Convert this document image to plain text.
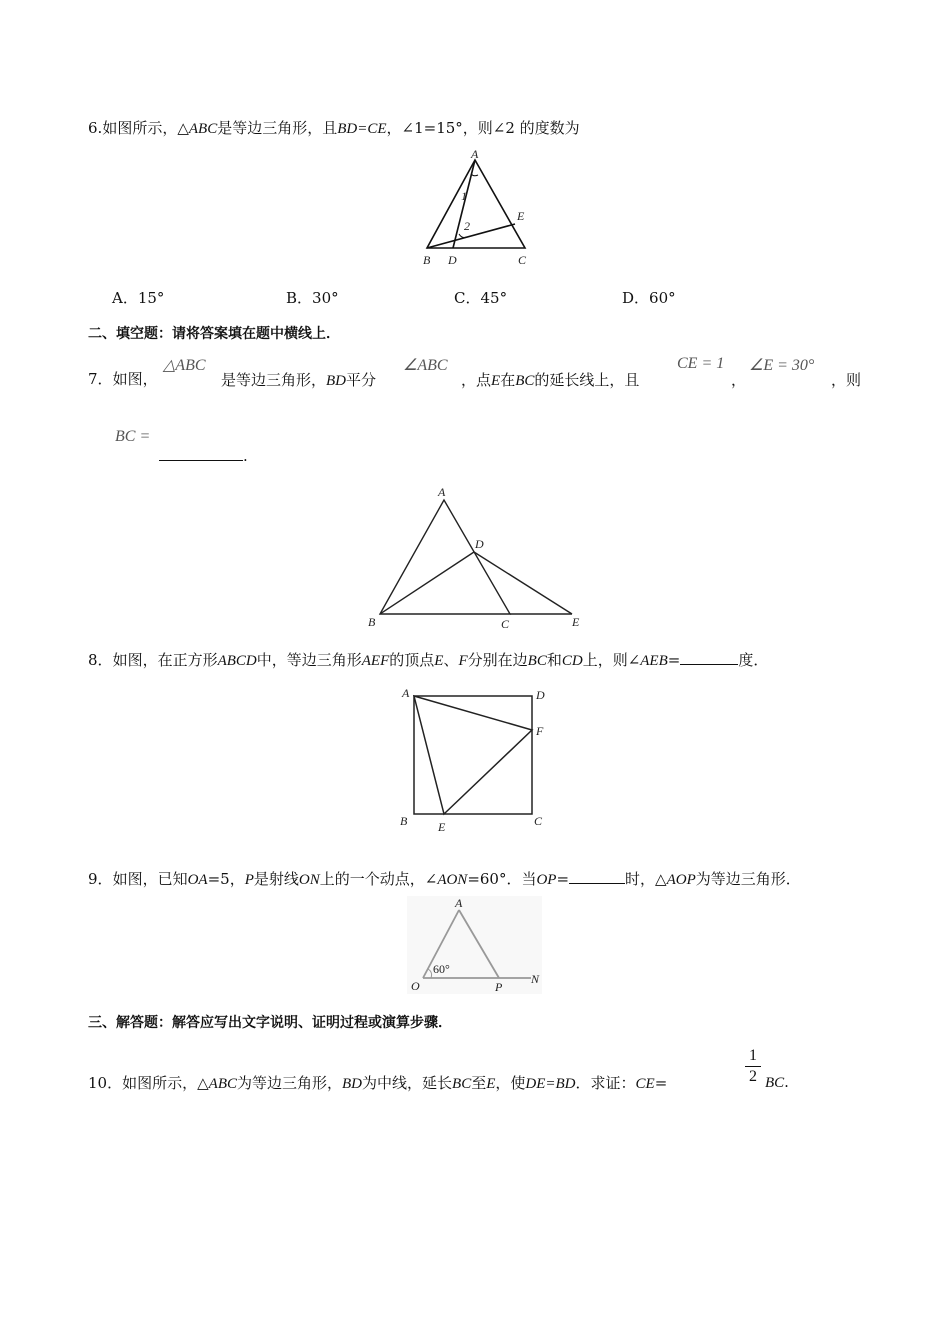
6.如图所示，△ABC是等边三角形，且BD=CE，∠1=15°，则∠2 的度数为
A
1
2
E
B D	C
A．15°	B．30°	C．45°	D．60°
二、填空题：请将答案填在题中横线上．
7．如图，
△ABC
是等边三角形，BD平分
∠ABC
，点E在BC的延长线上，且
CE = 1
，
∠E = 30°
，则
BC =
.
A
D
B	C	E
8．如图，在正方形ABCD中，等边三角形AEF的顶点E、F分别在边BC和CD上，则∠AEB=	度．
A	D
F
B	E	C
9．如图，已知OA=5，P是射线ON上的一个动点，∠AON=60°．当OP=	时，△AOP为等边三角形．
A
60°
O	P
N
三、解答题：解答应写出文字说明、证明过程或演算步骤．
10．如图所示，△ABC为等边三角形，BD为中线，延长BC至E，使DE=BD．求证：CE=
1
2 BC.
